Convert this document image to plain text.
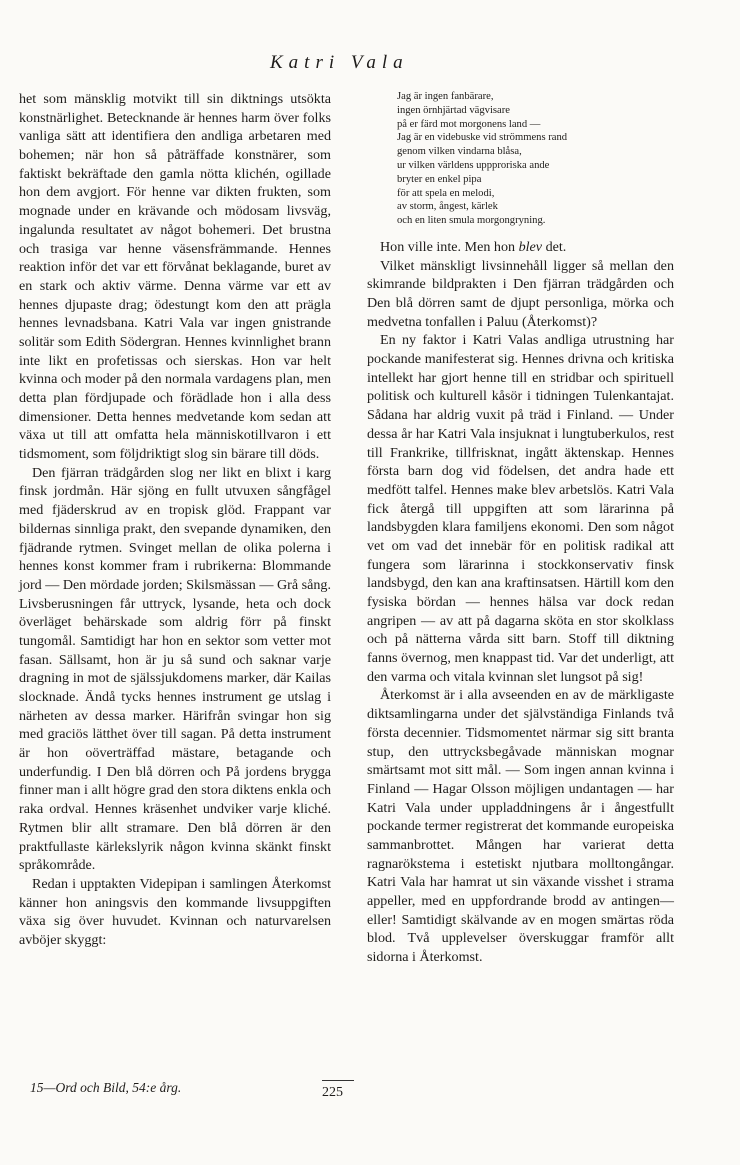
Katri Vala

het som mänsklig motvikt till sin diktnings utsökta konstnärlighet. Betecknande är hennes harm över folks vanliga sätt att identifiera den andliga arbetaren med bohemen; när hon så påträffade konstnärer, som faktiskt bekräftade den gamla nötta klichén, ogillade hon dem avgjort. För henne var dikten frukten, som mognade under en krävande och mödosam livsväg, ingalunda resultatet av något bohemeri. Det brustna och trasiga var henne väsensfrämmande. Hennes reaktion inför det var ett förvånat beklagande, buret av en stark och aktiv värme. Denna värme var ett av hennes djupaste drag; ödestungt kom den att prägla hennes levnadsbana. Katri Vala var ingen gnistrande solitär som Edith Södergran. Hennes kvinnlighet brann inte likt en profetissas och sierskas. Hon var helt kvinna och moder på den normala vardagens plan, men detta plan fördjupade och förädlade hon i alla dess dimensioner. Detta hennes medvetande kom sedan att växa ut till att omfatta hela människotillvaron i ett tidsmoment, som följdriktigt slog sin bärare till döds.

Den fjärran trädgården slog ner likt en blixt i karg finsk jordmån. Här sjöng en fullt utvuxen sångfågel med fjäderskrud av en tropisk glöd. Frappant var bildernas sinnliga prakt, den svepande dynamiken, den fjädrande rytmen. Svinget mellan de olika polerna i hennes konst kommer fram i rubrikerna: Blommande jord — Den mördade jorden; Skilsmässan — Grå sång. Livsberusningen får uttryck, lysande, heta och dock överläget behärskade som aldrig förr på finskt tungomål. Samtidigt har hon en sektor som vetter mot fasan. Sällsamt, hon är ju så sund och saknar varje dragning in mot de själssjukdomens marker, där Kailas slocknade. Ändå tycks hennes instrument ge utslag i närheten av dessa marker. Härifrån svingar hon sig med graciös lätthet över till sagan. På detta instrument är hon oöverträffad mästare, betagande och underfundig. I Den blå dörren och På jordens brygga finner man i allt högre grad den stora diktens enkla och raka ordval. Hennes kräsenhet undviker varje kliché. Rytmen blir allt stramare. Den blå dörren är den praktfullaste kärlekslyrik någon kvinna skänkt finskt språkområde.

Redan i upptakten Videpipan i samlingen Återkomst känner hon aningsvis den kommande livsuppgiften växa sig över huvudet. Kvinnan och naturvarelsen avböjer skyggt:

Jag är ingen fanbärare,
ingen örnhjärtad vägvisare
på er färd mot morgonens land —
Jag är en videbuske vid strömmens rand
genom vilken vindarna blåsa,
ur vilken världens uppproriska ande
bryter en enkel pipa
för att spela en melodi,
av storm, ångest, kärlek
och en liten smula morgongryning.

Hon ville inte. Men hon blev det.

Vilket mänskligt livsinnehåll ligger så mellan den skimrande bildprakten i Den fjärran trädgården och Den blå dörren samt de djupt personliga, mörka och medvetna tonfallen i Paluu (Återkomst)?

En ny faktor i Katri Valas andliga utrustning har pockande manifesterat sig. Hennes drivna och kritiska intellekt har gjort henne till en stridbar och spirituell politisk och kulturell kåsör i tidningen Tulenkantajat. Sådana har aldrig vuxit på träd i Finland. — Under dessa år har Katri Vala insjuknat i lungtuberkulos, rest till Frankrike, tillfrisknat, ingått äktenskap. Hennes första barn dog vid födelsen, det andra hade ett medfött talfel. Hennes make blev arbetslös. Katri Vala fick återgå till uppgiften att som lärarinna på landsbygden klara familjens ekonomi. Den som något vet om vad det innebär för en politisk radikal att fungera som lärarinna i stockkonservativ finsk landsbygd, den kan ana kraftinsatsen. Härtill kom den fysiska bördan — hennes hälsa var dock redan angripen — av att på dagarna sköta en stor skolklass och på nätterna vårda sitt barn. Stoff till diktning fanns övernog, men knappast tid. Var det underligt, att den varma och vitala kvinnan slet lungsot på sig!

Återkomst är i alla avseenden en av de märkligaste diktsamlingarna under det självständiga Finlands två första decennier. Tidsmomentet närmar sig sitt branta stup, den uttrycksbegåvade människan mognar smärtsamt mot sitt mål. — Som ingen annan kvinna i Finland — Hagar Olsson möjligen undantagen — har Katri Vala under uppladdningens år i ångestfullt pockande termer registrerat det kommande europeiska sammanbrottet. Mången har varierat detta ragnarökstema i estetiskt njutbara molltongångar. Katri Vala har hamrat ut sin växande visshet i strama appeller, med en uppfordrande brodd av antingen—eller! Samtidigt skälvande av en mogen smärtas röda blod. Två upplevelser överskuggar framför allt sidorna i Återkomst.

15—Ord och Bild, 54:e årg.	225
